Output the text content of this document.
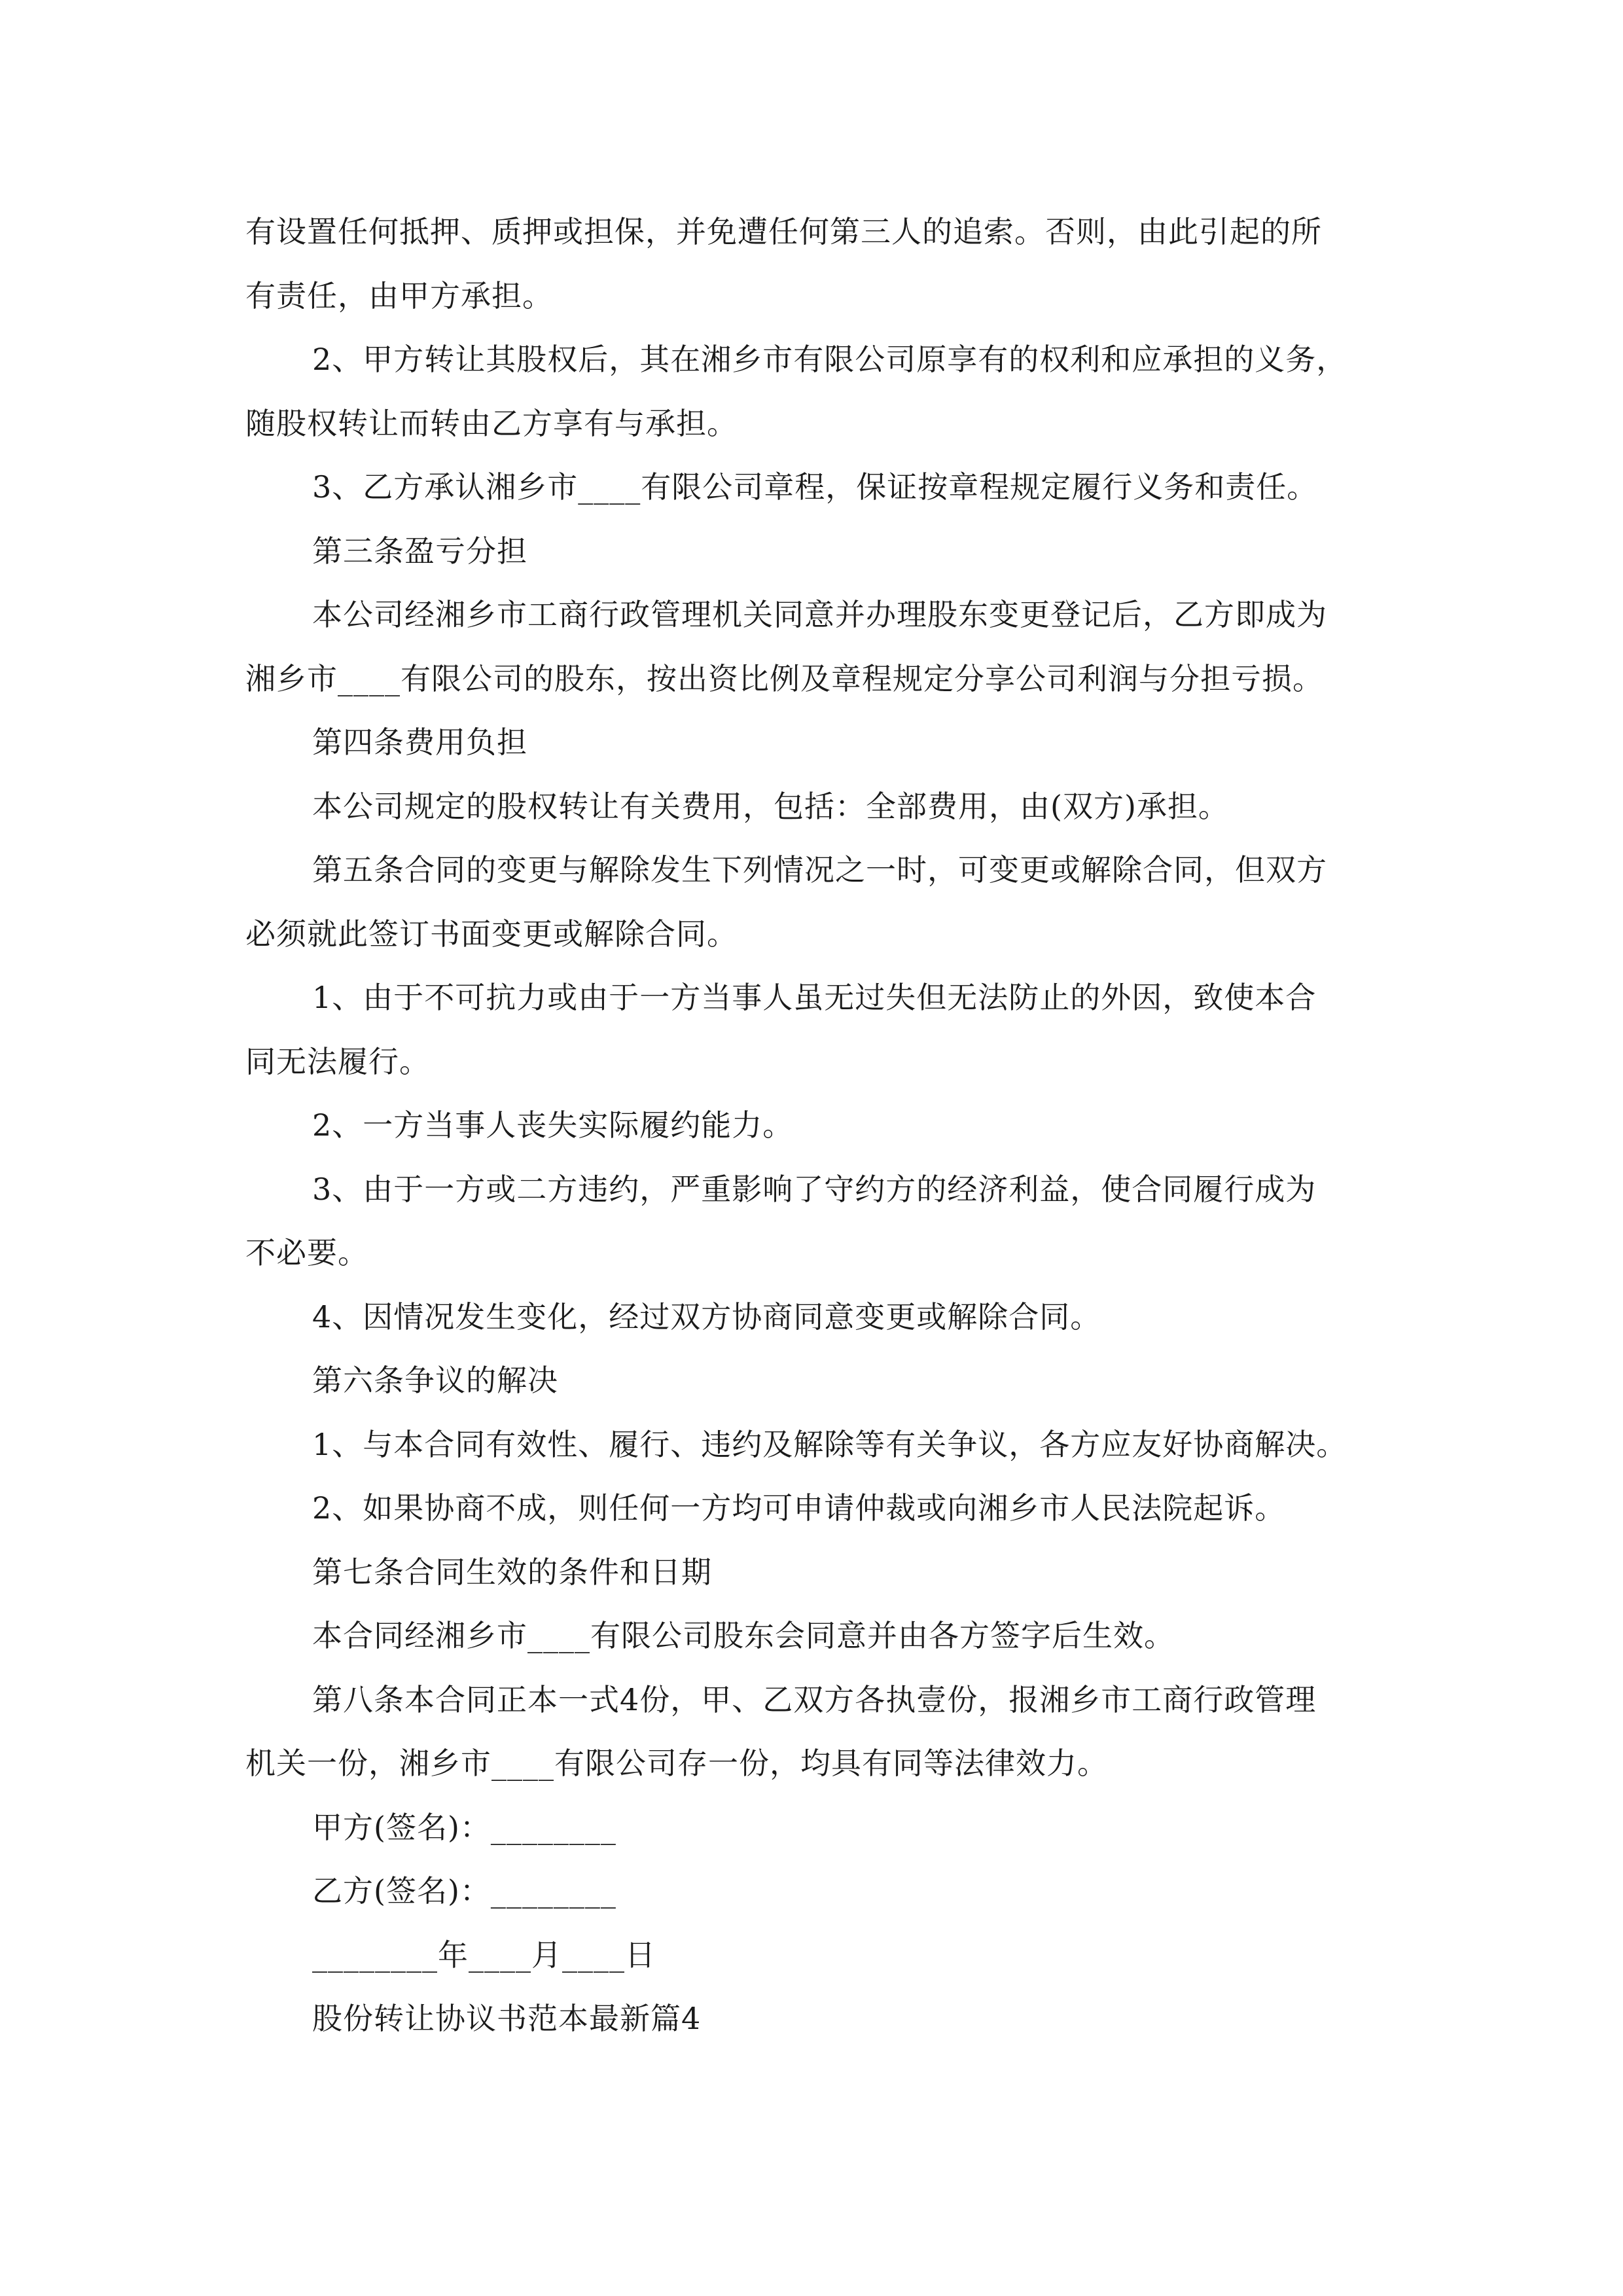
有设置任何抵押、质押或担保，并免遭任何第三人的追索。否则，由此引起的所

有责任，由甲方承担。

2、甲方转让其股权后，其在湘乡市有限公司原享有的权利和应承担的义务，

随股权转让而转由乙方享有与承担。

3、乙方承认湘乡市____有限公司章程，保证按章程规定履行义务和责任。

第三条盈亏分担

本公司经湘乡市工商行政管理机关同意并办理股东变更登记后，乙方即成为

湘乡市____有限公司的股东，按出资比例及章程规定分享公司利润与分担亏损。

第四条费用负担

本公司规定的股权转让有关费用，包括：全部费用，由(双方)承担。

第五条合同的变更与解除发生下列情况之一时，可变更或解除合同，但双方

必须就此签订书面变更或解除合同。

1、由于不可抗力或由于一方当事人虽无过失但无法防止的外因，致使本合

同无法履行。

2、一方当事人丧失实际履约能力。

3、由于一方或二方违约，严重影响了守约方的经济利益，使合同履行成为

不必要。

4、因情况发生变化，经过双方协商同意变更或解除合同。

第六条争议的解决

1、与本合同有效性、履行、违约及解除等有关争议，各方应友好协商解决。

2、如果协商不成，则任何一方均可申请仲裁或向湘乡市人民法院起诉。

第七条合同生效的条件和日期

本合同经湘乡市____有限公司股东会同意并由各方签字后生效。

第八条本合同正本一式4份，甲、乙双方各执壹份，报湘乡市工商行政管理

机关一份，湘乡市____有限公司存一份，均具有同等法律效力。

甲方(签名)：________

乙方(签名)：________

________年____月____日

股份转让协议书范本最新篇4
